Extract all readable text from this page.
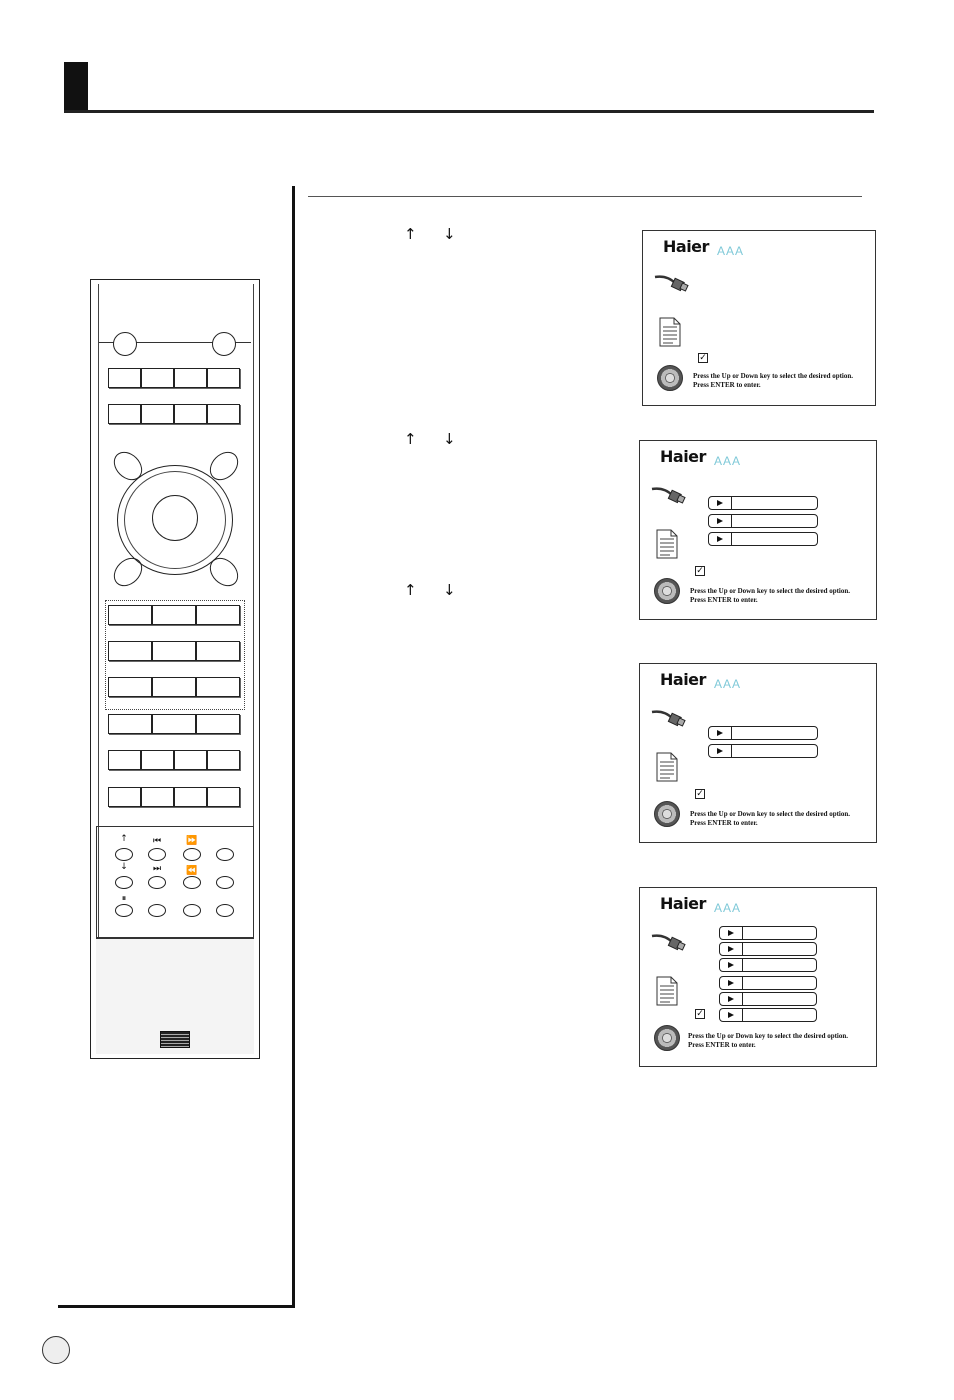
↑ ↓
↑ ↓
↑ ↓
↑	⏮	⏩
↓	⏭	⏪
⏸
Haier AAA
✓
Press the Up or Down key to select the desired option.
Press ENTER to enter.
Haier AAA
✓
Press the Up or Down key to select the desired option.
Press ENTER to enter.
Haier AAA
✓
Press the Up or Down key to select the desired option.
Press ENTER to enter.
Haier AAA
✓
Press the Up or Down key to select the desired option.
Press ENTER to enter.
